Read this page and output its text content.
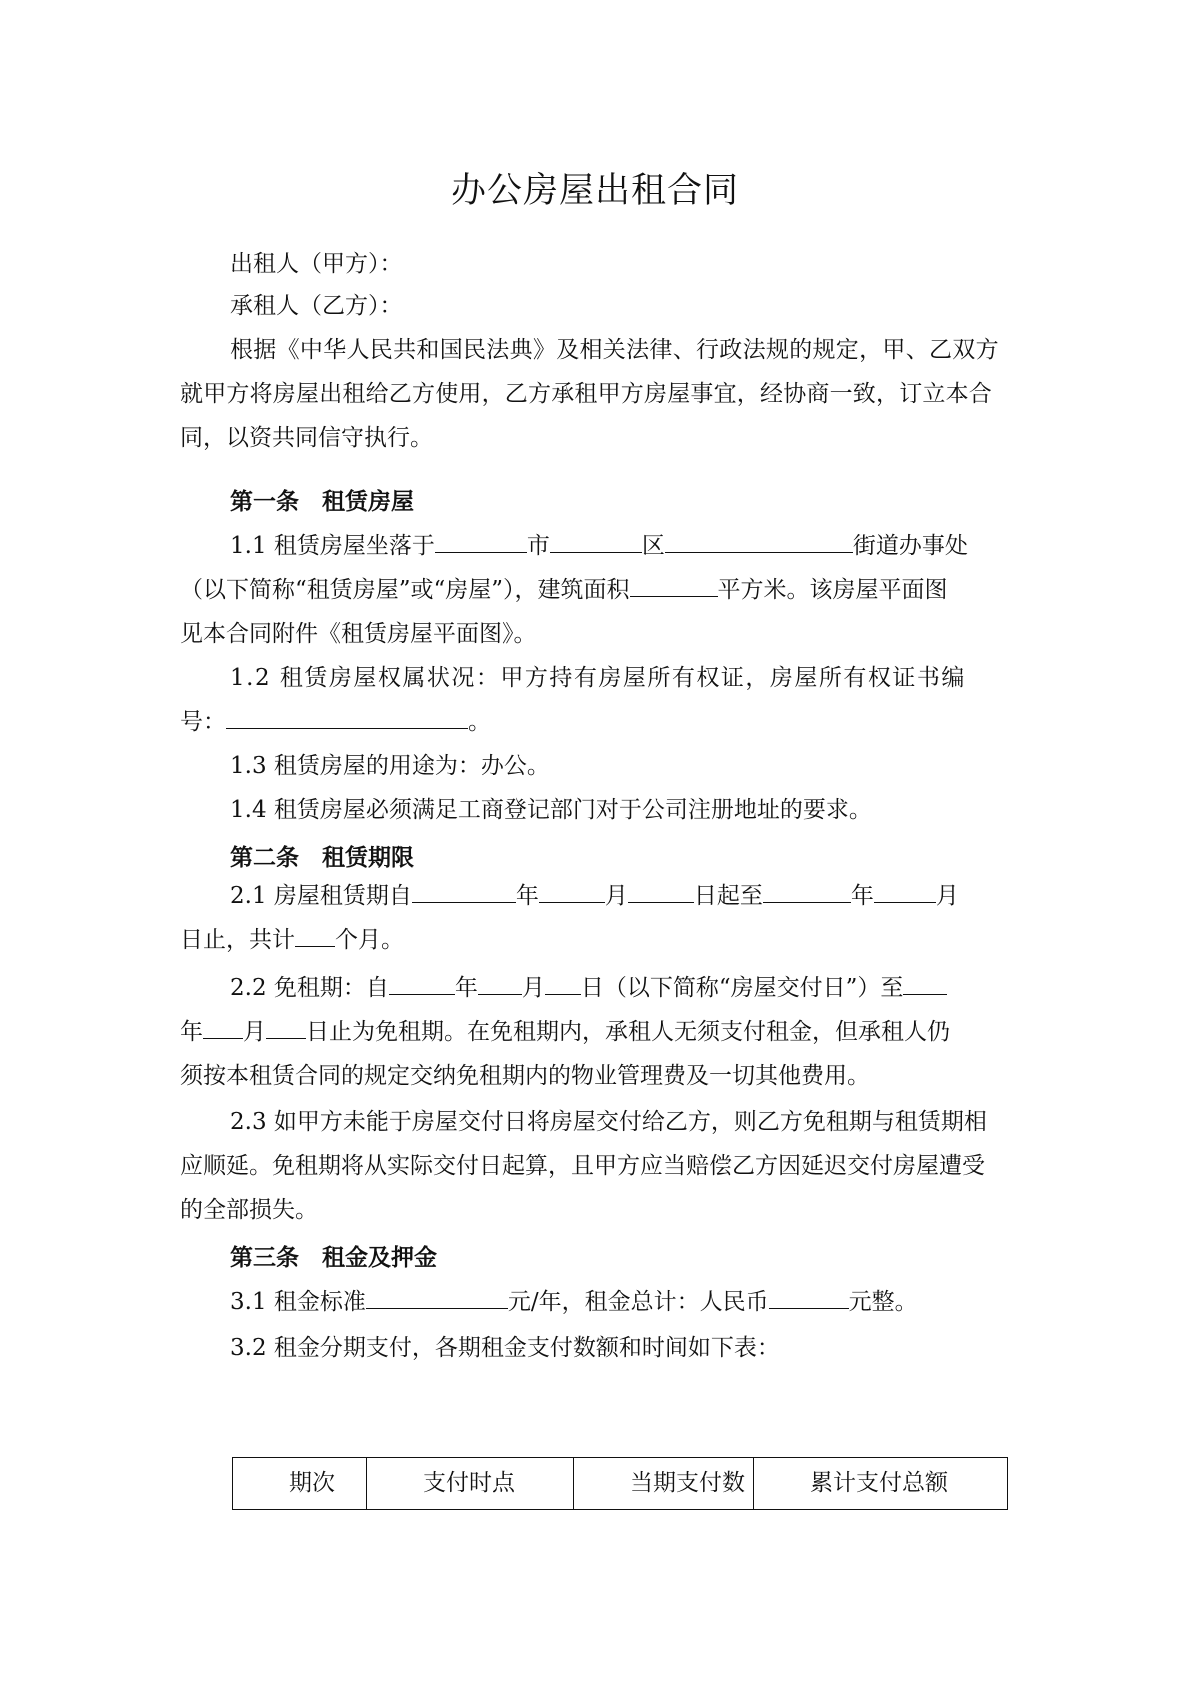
办公房屋出租合同
出租人（甲方）：
承租人（乙方）：
根据《中华人民共和国民法典》及相关法律、行政法规的规定，甲、乙双方
就甲方将房屋出租给乙方使用，乙方承租甲方房屋事宜，经协商一致，订立本合
同，以资共同信守执行。
第一条　租赁房屋
1.1 租赁房屋坐落于	市	区	街道办事处
（以下简称“租赁房屋”或“房屋”），建筑面积	平方米。该房屋平面图
见本合同附件《租赁房屋平面图》。
1.2 租赁房屋权属状况：甲方持有房屋所有权证，房屋所有权证书编
号：	。
1.3 租赁房屋的用途为：办公。
1.4 租赁房屋必须满足工商登记部门对于公司注册地址的要求。
第二条　租赁期限
2.1 房屋租赁期自	年	月	日起至	年	月
日止，共计 个月。
2.2 免租期：自	年 月 日（以下简称“房屋交付日”）至
年 月 日止为免租期。在免租期内，承租人无须支付租金，但承租人仍
须按本租赁合同的规定交纳免租期内的物业管理费及一切其他费用。
2.3 如甲方未能于房屋交付日将房屋交付给乙方，则乙方免租期与租赁期相
应顺延。免租期将从实际交付日起算，且甲方应当赔偿乙方因延迟交付房屋遭受
的全部损失。
第三条　租金及押金
3.1 租金标准	元/年，租金总计：人民币	元整。
3.2 租金分期支付，各期租金支付数额和时间如下表：
期次	支付时点	当期支付数	累计支付总额
